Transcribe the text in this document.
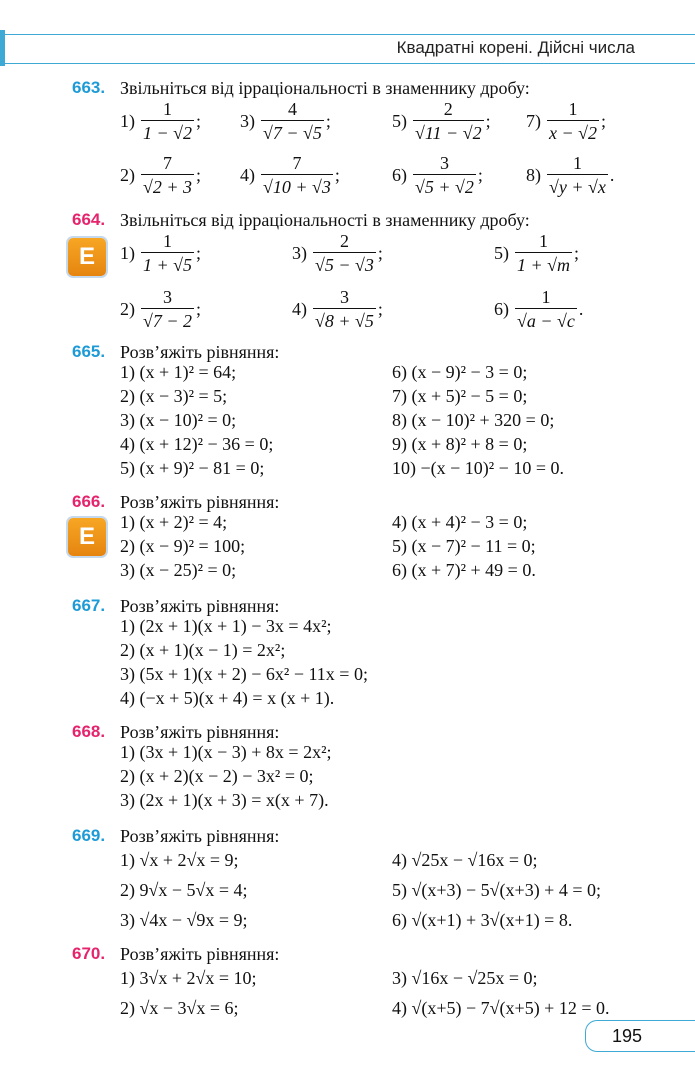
Квадратні корені. Дійсні числа
663. Звільніться від ірраціональності в знаменнику дробу:
$1) \frac{1}{1 - √2}$ ; $3) \frac{4}{√7 - √5}$ ;	$5) \frac{2}{√11 - √2}$ ; $7) \frac{1}{x - √2}$ ;
$2) \frac{7}{√2 + 3}$ ; $4) \frac{7}{√10 + √3}$ ;	$6) \frac{3}{√5 + √2}$ ; $8) \frac{1}{√y + √x}$ .
664. Звільніться від ірраціональності в знаменнику дробу:
E	$1) \frac{1}{1 + √5}$ ;	$3) \frac{2}{√5 - √3}$ ;	$5) \frac{1}{1 + √m}$ ;
$2) \frac{3}{√7 - 2}$ ;	$4) \frac{3}{√8 + √5}$ ;	$6) \frac{1}{√a - √c}$ .
665. Розв’яжіть рівняння:
1) (x + 1)² = 64;
2) (x − 3)² = 5;
3) (x − 10)² = 0;
4) (x + 12)² − 36 = 0;
5) (x + 9)² − 81 = 0;
6) (x − 9)² − 3 = 0;
7) (x + 5)² − 5 = 0;
8) (x − 10)² + 320 = 0;
9) (x + 8)² + 8 = 0;
10) −(x − 10)² − 10 = 0.
666. Розв’яжіть рівняння:
E
1) (x + 2)² = 4;
2) (x − 9)² = 100;
3) (x − 25)² = 0;
4) (x + 4)² − 3 = 0;
5) (x − 7)² − 11 = 0;
6) (x + 7)² + 49 = 0.
667. Розв’яжіть рівняння:
1) (2x + 1)(x + 1) − 3x = 4x²;
2) (x + 1)(x − 1) = 2x²;
3) (5x + 1)(x + 2) − 6x² − 11x = 0;
4) (−x + 5)(x + 4) = x (x + 1).
668. Розв’яжіть рівняння:
1) (3x + 1)(x − 3) + 8x = 2x²;
2) (x + 2)(x − 2) − 3x² = 0;
3) (2x + 1)(x + 3) = x(x + 7).
669. Розв’яжіть рівняння:
1) √x + 2√x = 9;
2) 9√x − 5√x = 4;
3) √4x − √9x = 9;
4) √25x − √16x = 0;
5) √(x+3) − 5√(x+3) + 4 = 0;
6) √(x+1) + 3√(x+1) = 8.
670. Розв’яжіть рівняння:
1) 3√x + 2√x = 10;
2) √x − 3√x = 6;
3) √16x − √25x = 0;
4) √(x+5) − 7√(x+5) + 12 = 0.
195
